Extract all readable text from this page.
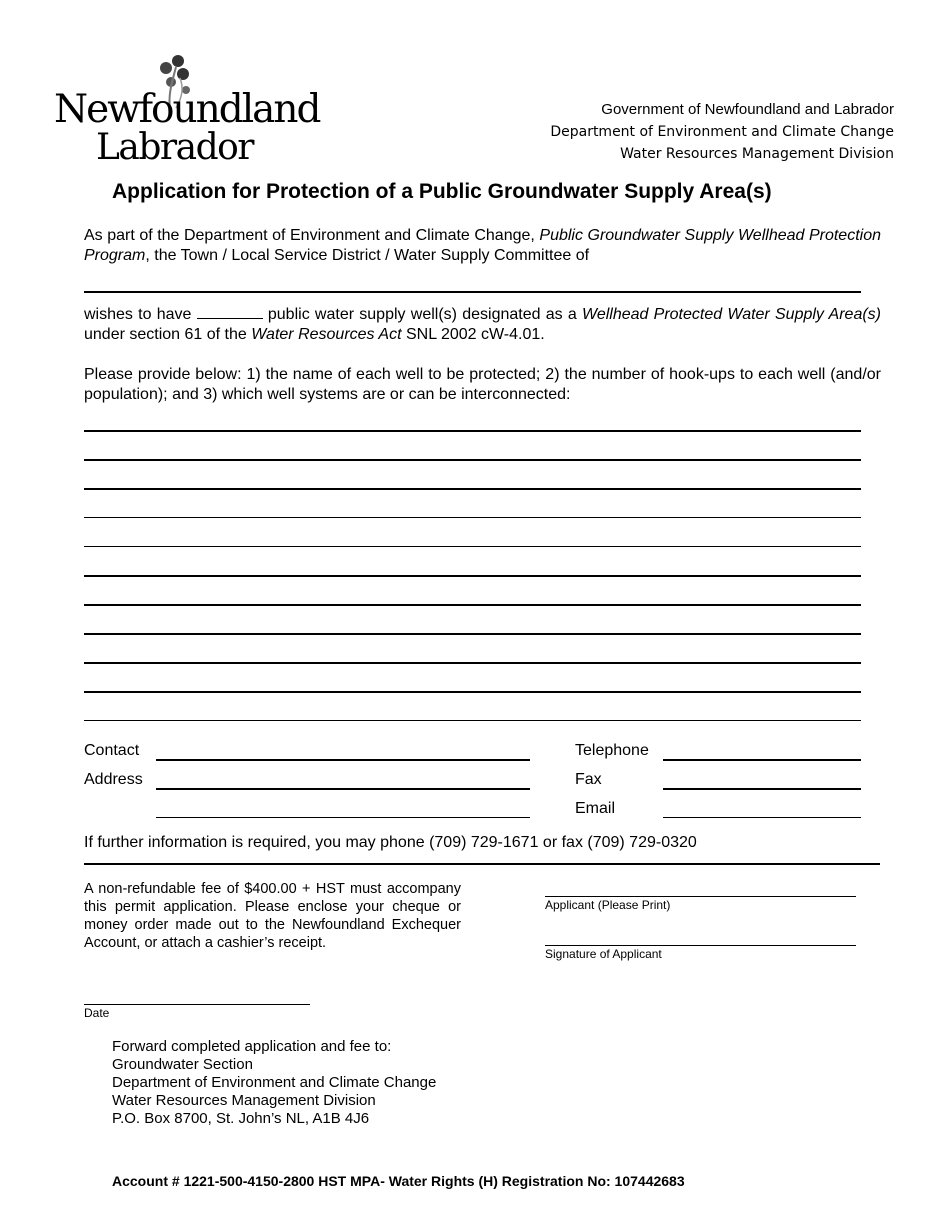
Newfoundland
Labrador
Government of Newfoundland and Labrador
Department of Environment and Climate Change
Water Resources Management Division
Application for Protection of a Public Groundwater Supply Area(s)
As part of the Department of Environment and Climate Change, Public Groundwater Supply Wellhead Protection Program, the Town / Local Service District / Water Supply Committee of
wishes to have	public water supply well(s) designated as a Wellhead Protected Water Supply Area(s) under section 61 of the Water Resources Act SNL 2002 cW-4.01.
Please provide below: 1) the name of each well to be protected; 2) the number of hook-ups to each well (and/or population); and 3) which well systems are or can be interconnected:
Contact
Address
Telephone
Fax
Email
If further information is required, you may phone (709) 729-1671 or fax (709) 729-0320
A non-refundable fee of $400.00 + HST must accompany this permit application. Please enclose your cheque or money order made out to the Newfoundland Exchequer Account, or attach a cashier’s receipt.
Applicant (Please Print)
Signature of Applicant
Date
Forward completed application and fee to:
Groundwater Section
Department of Environment and Climate Change
Water Resources Management Division
P.O. Box 8700, St. John’s NL, A1B 4J6
Account # 1221-500-4150-2800 HST MPA- Water Rights (H) Registration No: 107442683
